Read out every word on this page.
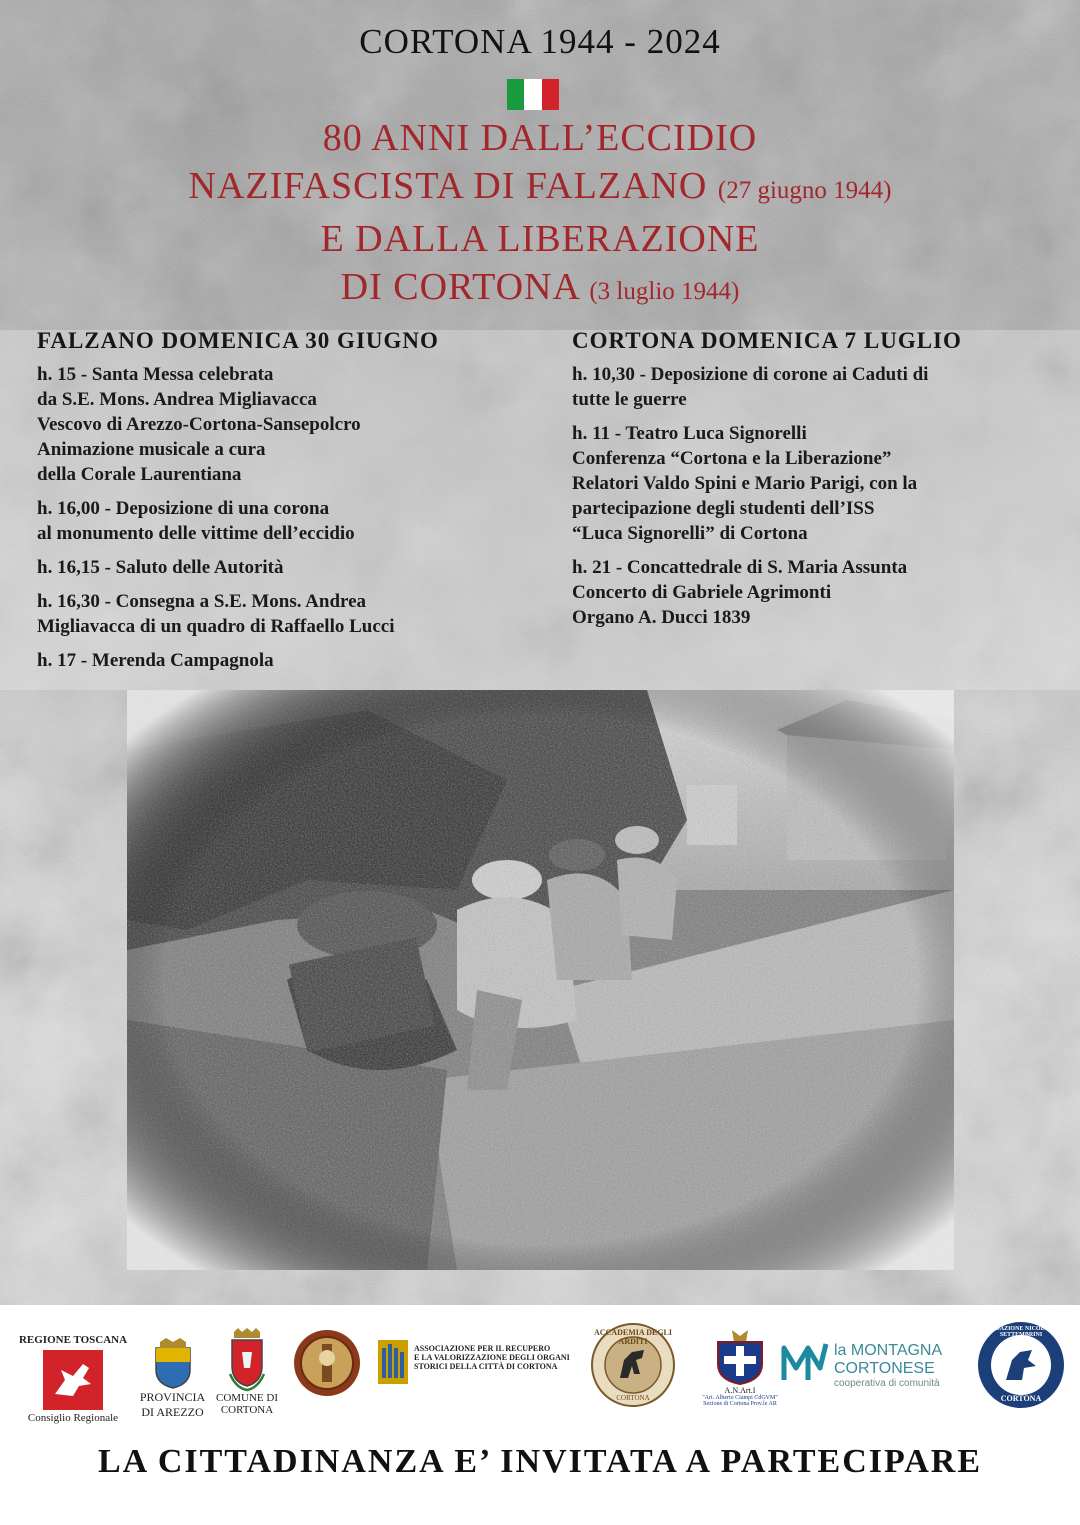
CORTONA 1944 - 2024
80 ANNI DALL’ECCIDIO
NAZIFASCISTA DI FALZANO (27 giugno 1944)
E DALLA LIBERAZIONE
DI CORTONA (3 luglio 1944)
FALZANO DOMENICA 30 GIUGNO
h. 15 - Santa Messa celebrata
da S.E. Mons. Andrea Migliavacca
Vescovo di Arezzo-Cortona-Sansepolcro
Animazione musicale a cura
della Corale Laurentiana
h. 16,00 - Deposizione di una corona
al monumento delle vittime dell’eccidio
h. 16,15 - Saluto delle Autorità
h. 16,30 - Consegna a S.E. Mons. Andrea
Migliavacca di un quadro di Raffaello Lucci
h. 17 - Merenda Campagnola
CORTONA DOMENICA 7 LUGLIO
h. 10,30 - Deposizione di corone ai Caduti di
tutte le guerre
h. 11 - Teatro Luca Signorelli
Conferenza “Cortona e la Liberazione”
Relatori Valdo Spini e Mario Parigi, con la
partecipazione degli studenti dell’ISS
“Luca Signorelli” di Cortona
h. 21 - Concattedrale di S. Maria Assunta
Concerto di Gabriele Agrimonti
Organo A. Ducci 1839
REGIONE TOSCANA
Consiglio Regionale
PROVINCIA
DI AREZZO
COMUNE DI
CORTONA
ASSOCIAZIONE PER IL RECUPERO
E LA VALORIZZAZIONE DEGLI ORGANI
STORICI DELLA CITTÀ DI CORTONA
ACCADEMIA DEGLI ARDITI
CORTONA
A.N.Art.I
"Art. Alberto Ciampi CdGVM"
Sezione di Cortona Prov.le AR
la MONTAGNA
CORTONESE
cooperativa di comunità
FONDAZIONE NICODEMO SETTEMBRINI
CORTONA
LA CITTADINANZA E’ INVITATA A PARTECIPARE
